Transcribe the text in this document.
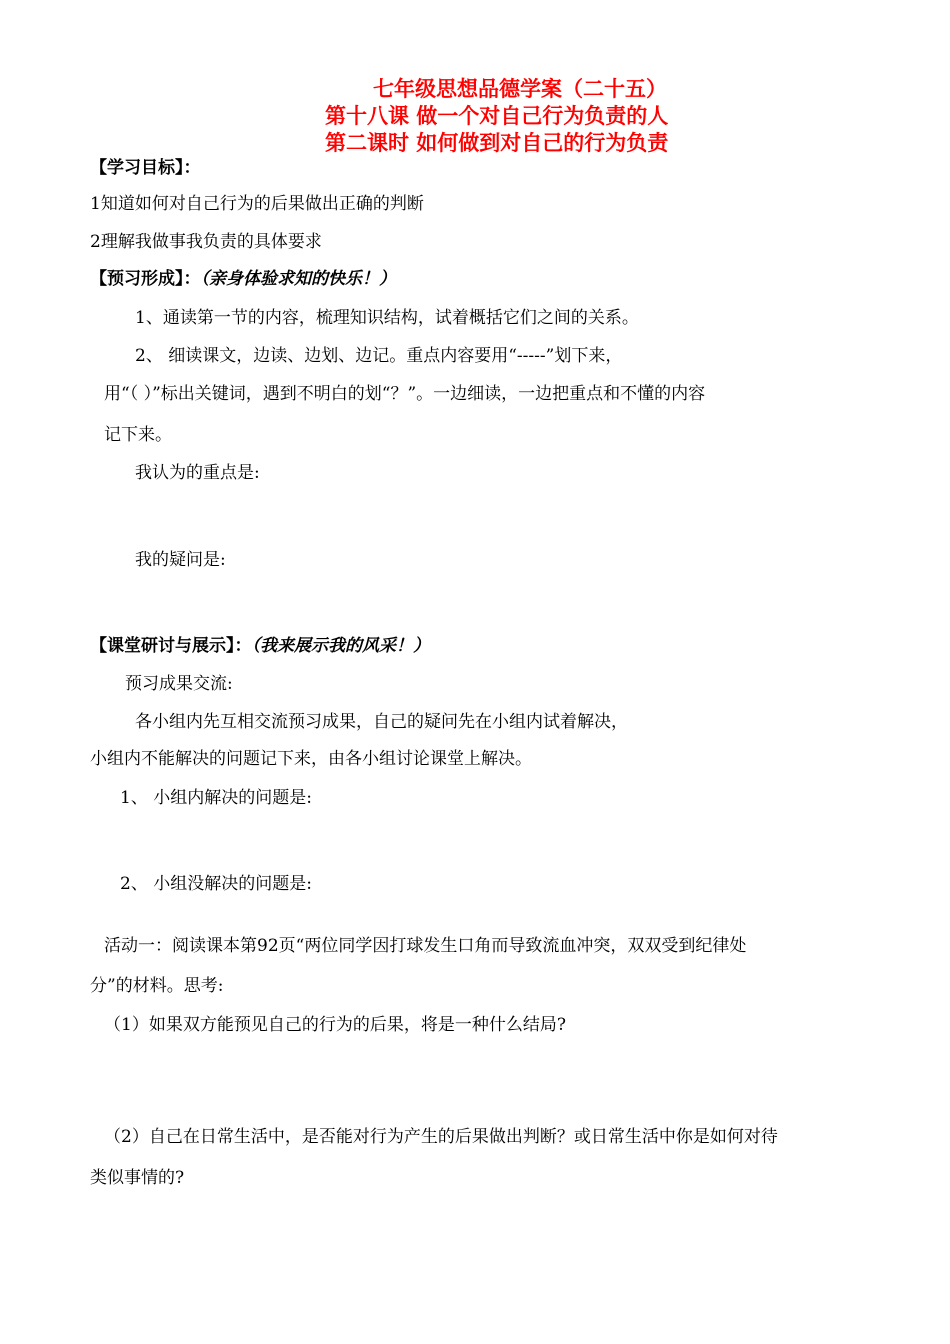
七年级思想品德学案（二十五）
第十八课 做一个对自己行为负责的人
第二课时 如何做到对自己的行为负责
【学习目标】：
1知道如何对自己行为的后果做出正确的判断
2理解我做事我负责的具体要求
【预习形成】：（亲身体验求知的快乐！）
1、通读第一节的内容，梳理知识结构，试着概括它们之间的关系。
2、 细读课文，边读、边划、边记。重点内容要用“-----”划下来，
用“（ ）”标出关键词，遇到不明白的划“？”。一边细读，一边把重点和不懂的内容
记下来。
我认为的重点是:
我的疑问是:
【课堂研讨与展示】：（我来展示我的风采！）
预习成果交流:
各小组内先互相交流预习成果，自己的疑问先在小组内试着解决，
小组内不能解决的问题记下来，由各小组讨论课堂上解决。
1、 小组内解决的问题是:
2、 小组没解决的问题是:
活动一：阅读课本第92页“两位同学因打球发生口角而导致流血冲突，双双受到纪律处
分”的材料。思考:
（1）如果双方能预见自己的行为的后果，将是一种什么结局?
（2）自己在日常生活中，是否能对行为产生的后果做出判断？或日常生活中你是如何对待
类似事情的?
